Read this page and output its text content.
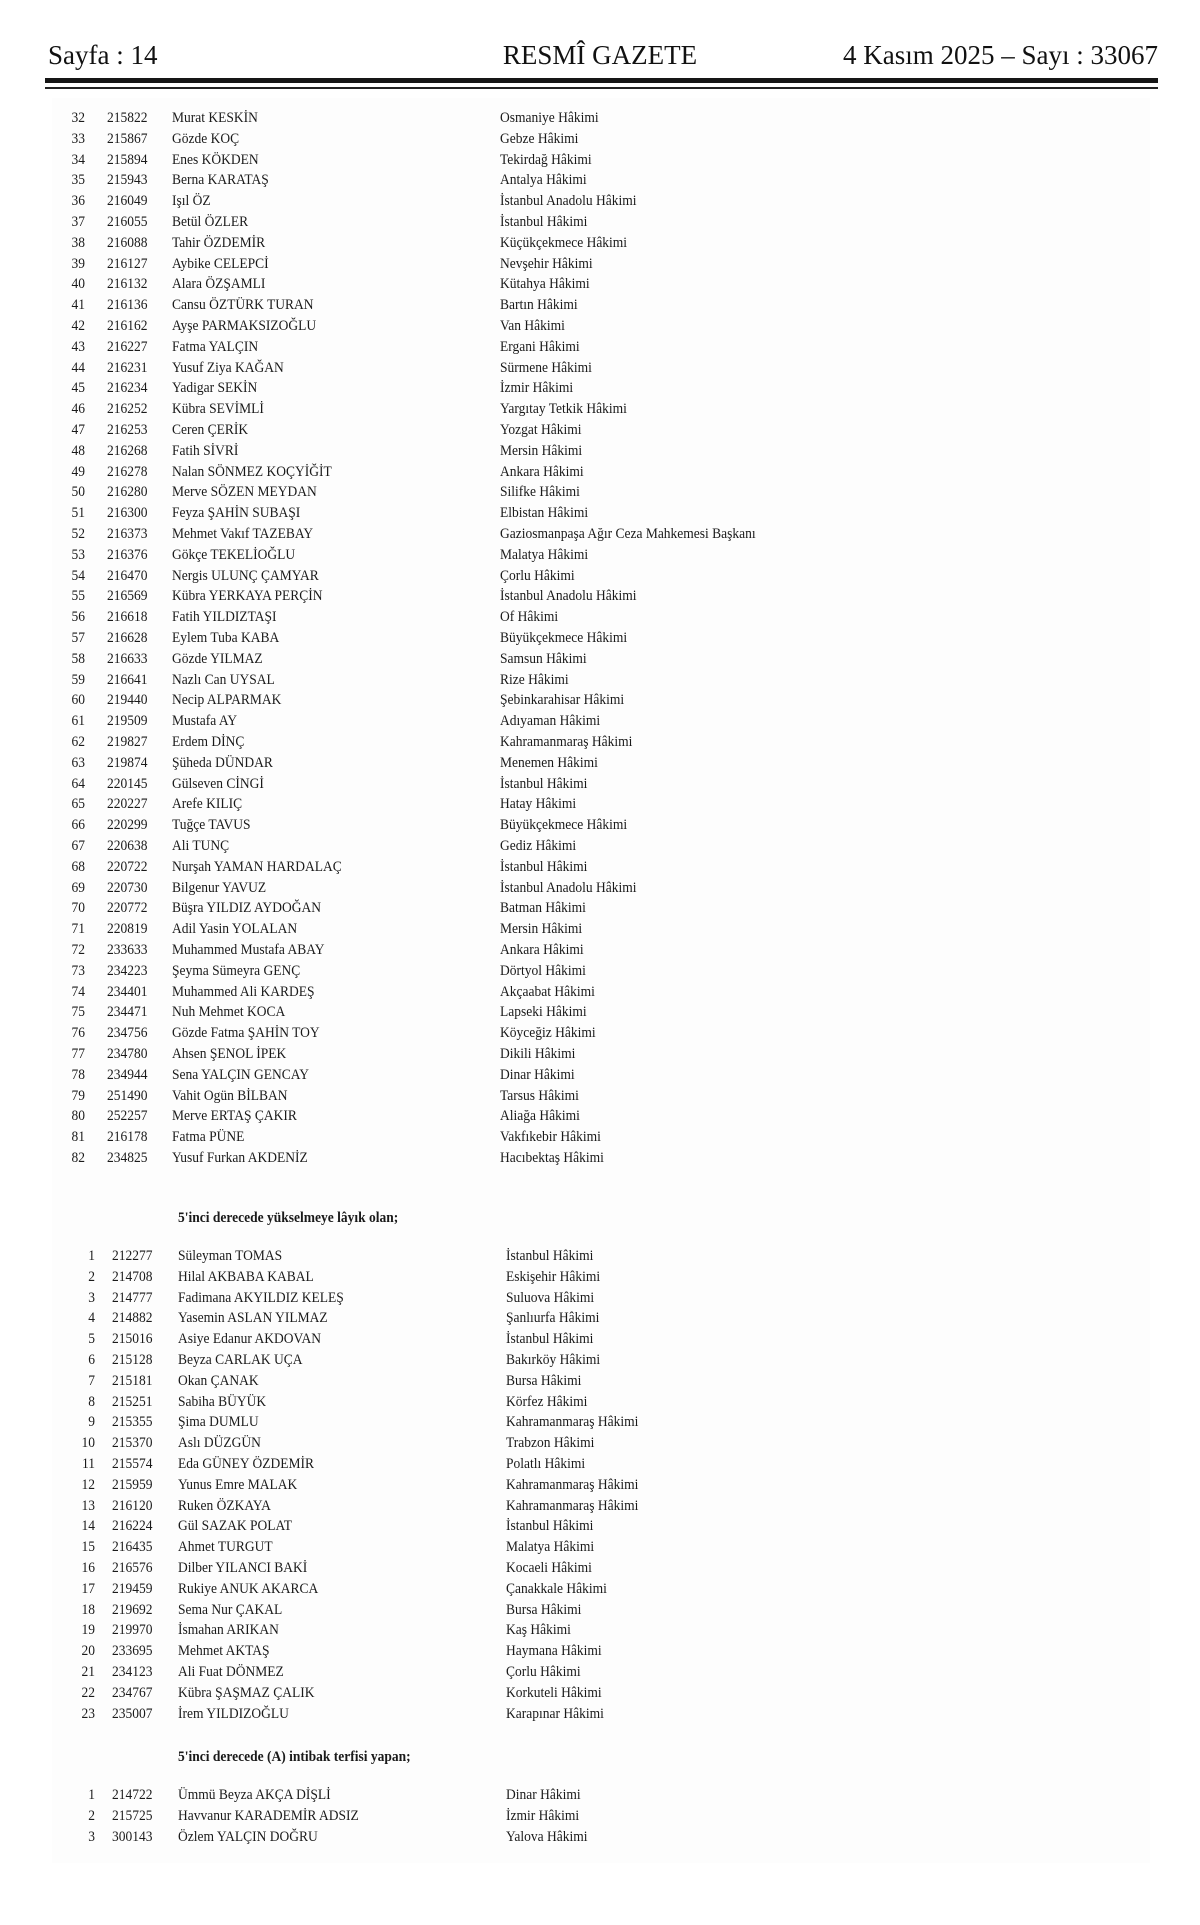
Sayfa : 14	RESMÎ GAZETE	4 Kasım 2025 – Sayı : 33067
32 215822 Murat KESKİN	Osmaniye Hâkimi
33 215867 Gözde KOÇ	Gebze Hâkimi
34 215894 Enes KÖKDEN	Tekirdağ Hâkimi
35 215943 Berna KARATAŞ	Antalya Hâkimi
36 216049 Işıl ÖZ	İstanbul Anadolu Hâkimi
37 216055 Betül ÖZLER	İstanbul Hâkimi
38 216088 Tahir ÖZDEMİR	Küçükçekmece Hâkimi
39 216127 Aybike CELEPCİ	Nevşehir Hâkimi
40 216132 Alara ÖZŞAMLI	Kütahya Hâkimi
41 216136 Cansu ÖZTÜRK TURAN	Bartın Hâkimi
42 216162 Ayşe PARMAKSIZOĞLU	Van Hâkimi
43 216227 Fatma YALÇIN	Ergani Hâkimi
44 216231 Yusuf Ziya KAĞAN	Sürmene Hâkimi
45 216234 Yadigar SEKİN	İzmir Hâkimi
46 216252 Kübra SEVİMLİ	Yargıtay Tetkik Hâkimi
47 216253 Ceren ÇERİK	Yozgat Hâkimi
48 216268 Fatih SİVRİ	Mersin Hâkimi
49 216278 Nalan SÖNMEZ KOÇYİĞİT	Ankara Hâkimi
50 216280 Merve SÖZEN MEYDAN	Silifke Hâkimi
51 216300 Feyza ŞAHİN SUBAŞI	Elbistan Hâkimi
52 216373 Mehmet Vakıf TAZEBAY	Gaziosmanpaşa Ağır Ceza Mahkemesi Başkanı
53 216376 Gökçe TEKELİOĞLU	Malatya Hâkimi
54 216470 Nergis ULUNÇ ÇAMYAR	Çorlu Hâkimi
55 216569 Kübra YERKAYA PERÇİN	İstanbul Anadolu Hâkimi
56 216618 Fatih YILDIZTAŞI	Of Hâkimi
57 216628 Eylem Tuba KABA	Büyükçekmece Hâkimi
58 216633 Gözde YILMAZ	Samsun Hâkimi
59 216641 Nazlı Can UYSAL	Rize Hâkimi
60 219440 Necip ALPARMAK	Şebinkarahisar Hâkimi
61 219509 Mustafa AY	Adıyaman Hâkimi
62 219827 Erdem DİNÇ	Kahramanmaraş Hâkimi
63 219874 Şüheda DÜNDAR	Menemen Hâkimi
64 220145 Gülseven CİNGİ	İstanbul Hâkimi
65 220227 Arefe KILIÇ	Hatay Hâkimi
66 220299 Tuğçe TAVUS	Büyükçekmece Hâkimi
67 220638 Ali TUNÇ	Gediz Hâkimi
68 220722 Nurşah YAMAN HARDALAÇ	İstanbul Hâkimi
69 220730 Bilgenur YAVUZ	İstanbul Anadolu Hâkimi
70 220772 Büşra YILDIZ AYDOĞAN	Batman Hâkimi
71 220819 Adil Yasin YOLALAN	Mersin Hâkimi
72 233633 Muhammed Mustafa ABAY	Ankara Hâkimi
73 234223 Şeyma Sümeyra GENÇ	Dörtyol Hâkimi
74 234401 Muhammed Ali KARDEŞ	Akçaabat Hâkimi
75 234471 Nuh Mehmet KOCA	Lapseki Hâkimi
76 234756 Gözde Fatma ŞAHİN TOY	Köyceğiz Hâkimi
77 234780 Ahsen ŞENOL İPEK	Dikili Hâkimi
78 234944 Sena YALÇIN GENCAY	Dinar Hâkimi
79 251490 Vahit Ogün BİLBAN	Tarsus Hâkimi
80 252257 Merve ERTAŞ ÇAKIR	Aliağa Hâkimi
81 216178 Fatma PÜNE	Vakfıkebir Hâkimi
82 234825 Yusuf Furkan AKDENİZ	Hacıbektaş Hâkimi
5'inci derecede yükselmeye lâyık olan;
1 212277 Süleyman TOMAS	İstanbul Hâkimi
2 214708 Hilal AKBABA KABAL	Eskişehir Hâkimi
3 214777 Fadimana AKYILDIZ KELEŞ	Suluova Hâkimi
4 214882 Yasemin ASLAN YILMAZ	Şanlıurfa Hâkimi
5 215016 Asiye Edanur AKDOVAN	İstanbul Hâkimi
6 215128 Beyza CARLAK UÇA	Bakırköy Hâkimi
7 215181 Okan ÇANAK	Bursa Hâkimi
8 215251 Sabiha BÜYÜK	Körfez Hâkimi
9 215355 Şima DUMLU	Kahramanmaraş Hâkimi
10 215370 Aslı DÜZGÜN	Trabzon Hâkimi
11 215574 Eda GÜNEY ÖZDEMİR	Polatlı Hâkimi
12 215959 Yunus Emre MALAK	Kahramanmaraş Hâkimi
13 216120 Ruken ÖZKAYA	Kahramanmaraş Hâkimi
14 216224 Gül SAZAK POLAT	İstanbul Hâkimi
15 216435 Ahmet TURGUT	Malatya Hâkimi
16 216576 Dilber YILANCI BAKİ	Kocaeli Hâkimi
17 219459 Rukiye ANUK AKARCA	Çanakkale Hâkimi
18 219692 Sema Nur ÇAKAL	Bursa Hâkimi
19 219970 İsmahan ARIKAN	Kaş Hâkimi
20 233695 Mehmet AKTAŞ	Haymana Hâkimi
21 234123 Ali Fuat DÖNMEZ	Çorlu Hâkimi
22 234767 Kübra ŞAŞMAZ ÇALIK	Korkuteli Hâkimi
23 235007 İrem YILDIZOĞLU	Karapınar Hâkimi
5'inci derecede (A) intibak terfisi yapan;
1 214722 Ümmü Beyza AKÇA DİŞLİ	Dinar Hâkimi
2 215725 Havvanur KARADEMİR ADSIZ	İzmir Hâkimi
3 300143 Özlem YALÇIN DOĞRU	Yalova Hâkimi
